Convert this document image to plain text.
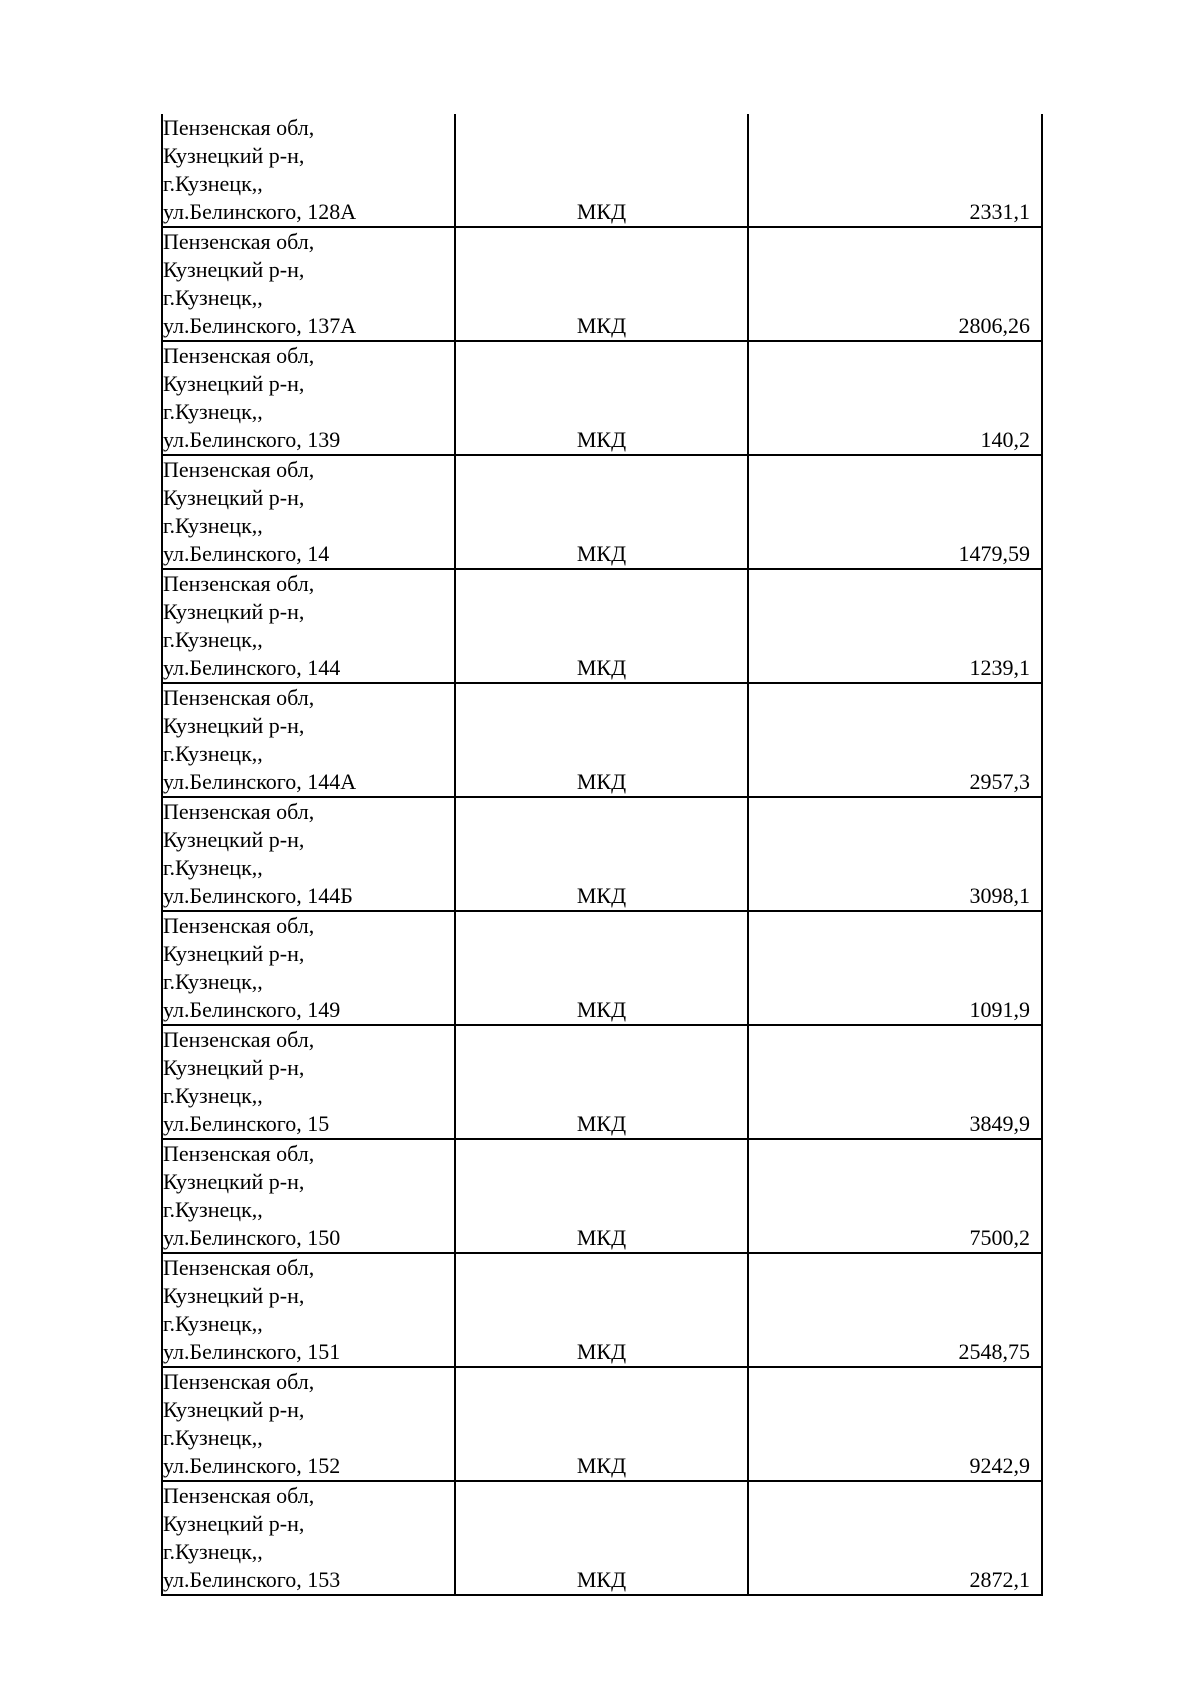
Пензенская обл,
Кузнецкий р-н,
г.Кузнецк,,
ул.Белинского, 128А	МКД	2331,1

Пензенская обл,
Кузнецкий р-н,
г.Кузнецк,,
ул.Белинского, 137А	МКД	2806,26

Пензенская обл,
Кузнецкий р-н,
г.Кузнецк,,
ул.Белинского, 139	МКД	140,2

Пензенская обл,
Кузнецкий р-н,
г.Кузнецк,,
ул.Белинского, 14	МКД	1479,59

Пензенская обл,
Кузнецкий р-н,
г.Кузнецк,,
ул.Белинского, 144	МКД	1239,1

Пензенская обл,
Кузнецкий р-н,
г.Кузнецк,,
ул.Белинского, 144А	МКД	2957,3

Пензенская обл,
Кузнецкий р-н,
г.Кузнецк,,
ул.Белинского, 144Б	МКД	3098,1

Пензенская обл,
Кузнецкий р-н,
г.Кузнецк,,
ул.Белинского, 149	МКД	1091,9

Пензенская обл,
Кузнецкий р-н,
г.Кузнецк,,
ул.Белинского, 15	МКД	3849,9

Пензенская обл,
Кузнецкий р-н,
г.Кузнецк,,
ул.Белинского, 150	МКД	7500,2

Пензенская обл,
Кузнецкий р-н,
г.Кузнецк,,
ул.Белинского, 151	МКД	2548,75

Пензенская обл,
Кузнецкий р-н,
г.Кузнецк,,
ул.Белинского, 152	МКД	9242,9

Пензенская обл,
Кузнецкий р-н,
г.Кузнецк,,
ул.Белинского, 153	МКД	2872,1
